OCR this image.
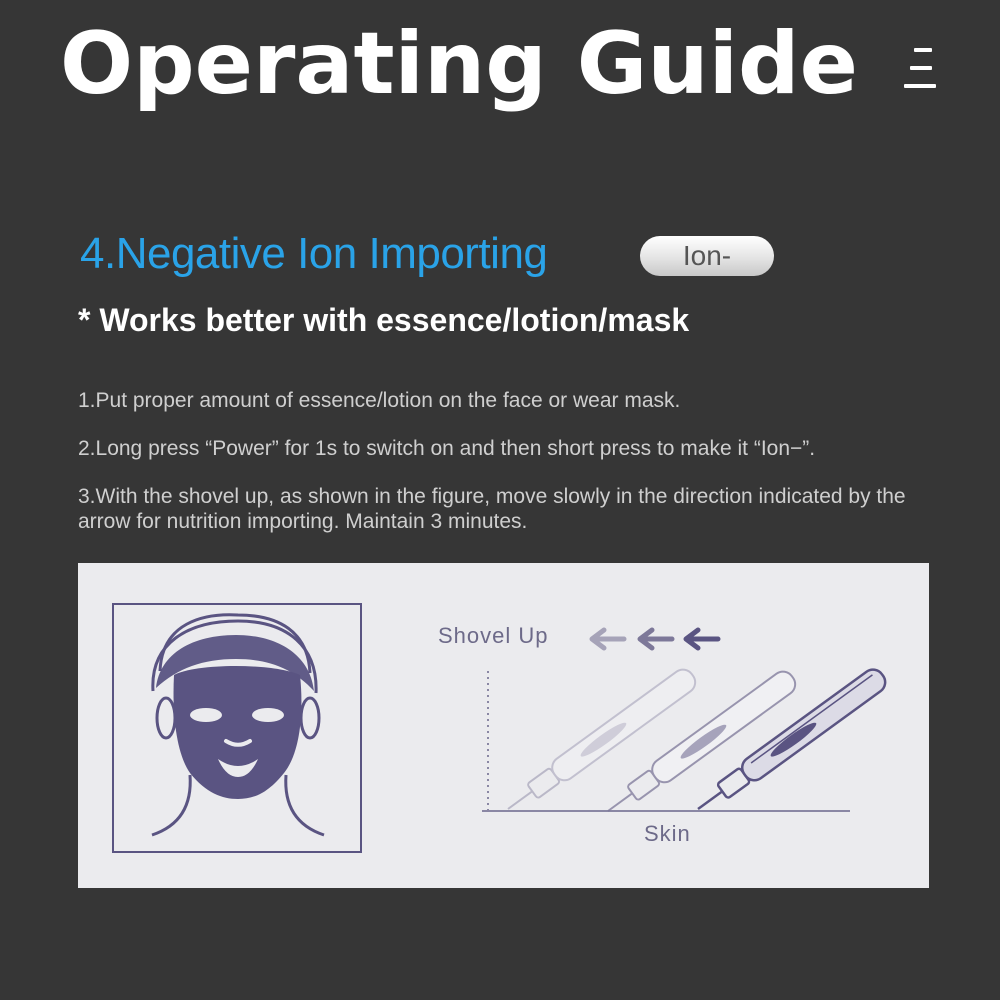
Operating Guide
4.Negative Ion Importing	Ion-
* Works better with essence/lotion/mask
1.Put proper amount of essence/lotion on the face or wear mask.
2.Long press “Power” for 1s to switch on and then short press to make it “Ion−”.
3.With the shovel up, as shown in the figure, move slowly in the direction indicated by the arrow for nutrition importing. Maintain 3 minutes.
Shovel Up
Skin
